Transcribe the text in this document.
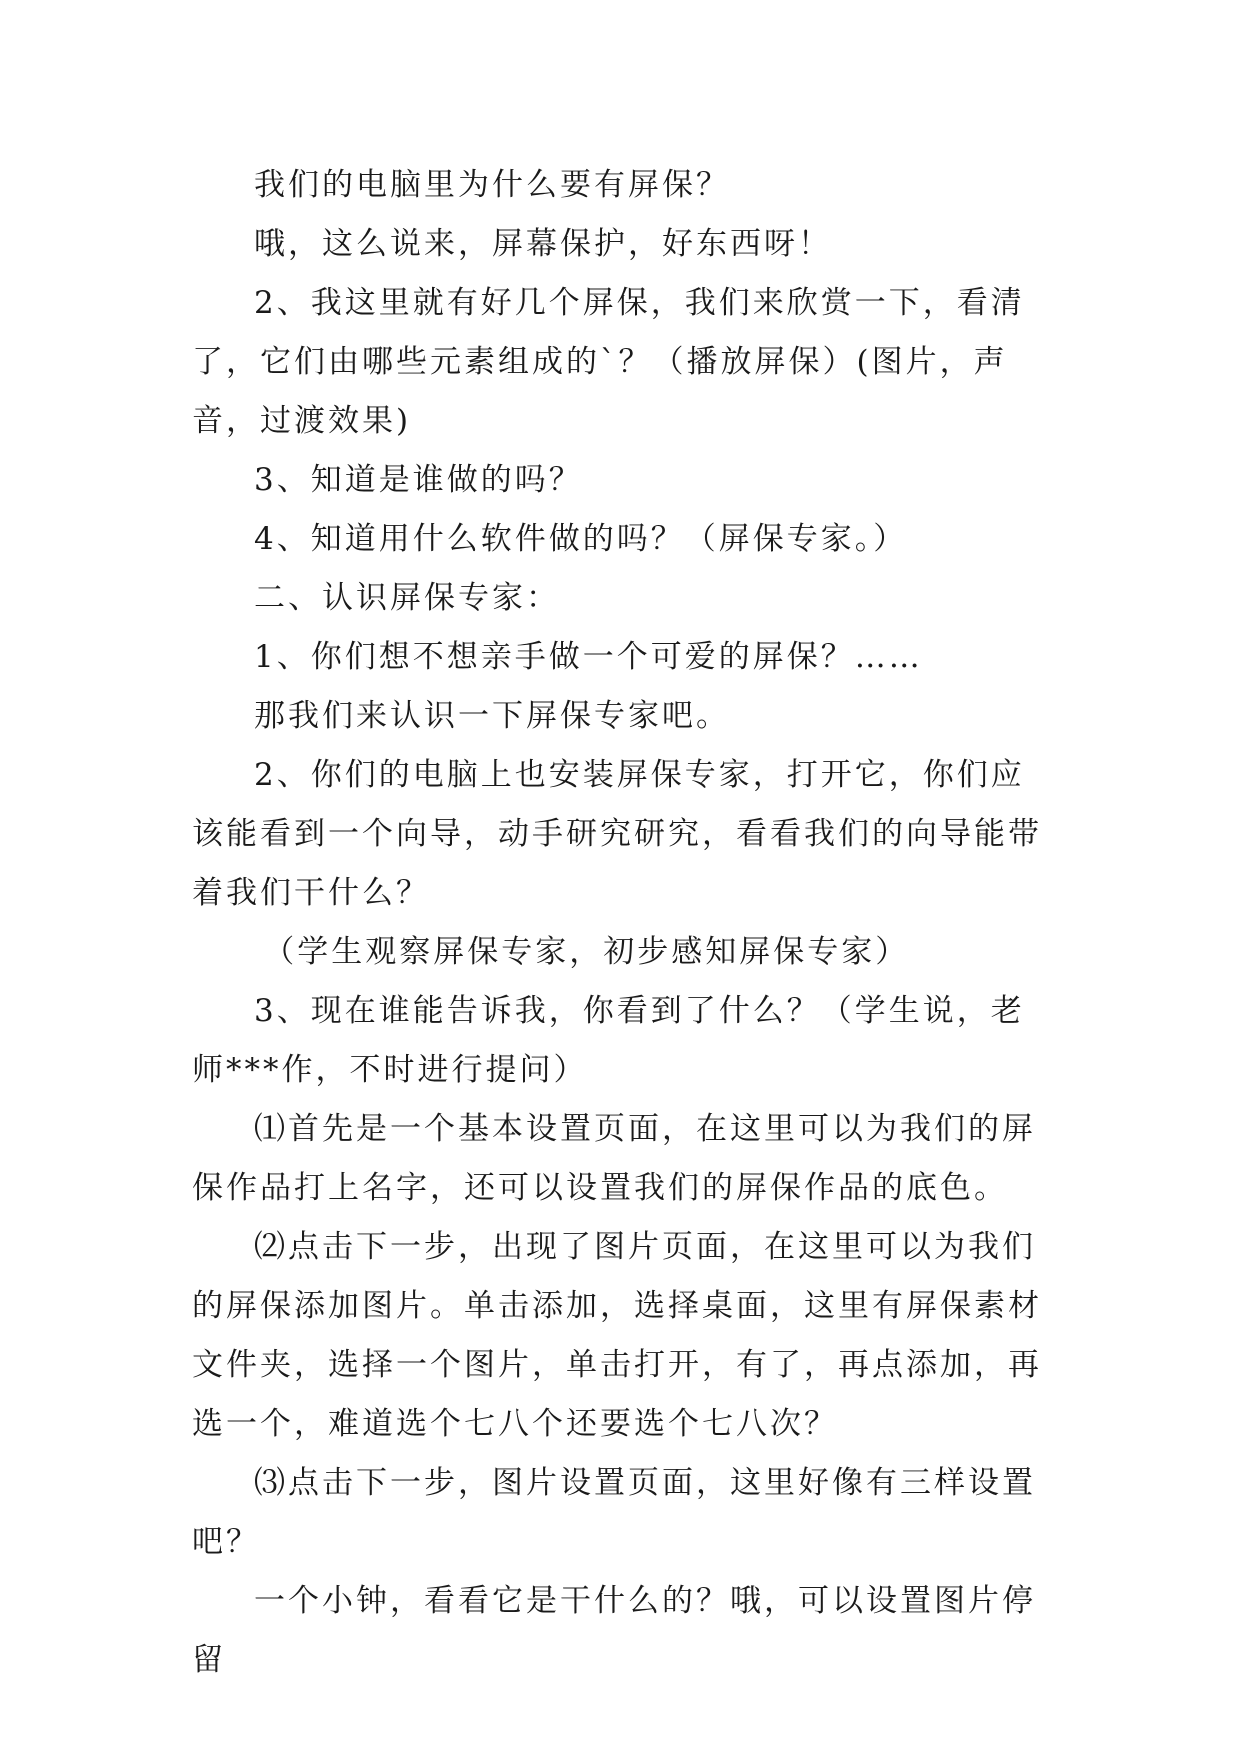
我们的电脑里为什么要有屏保？

哦，这么说来，屏幕保护，好东西呀！

2、我这里就有好几个屏保，我们来欣赏一下，看清了，它们由哪些元素组成的`？（播放屏保）(图片，声音，过渡效果)

3、知道是谁做的吗？

4、知道用什么软件做的吗？（屏保专家。）

二、认识屏保专家：

1、你们想不想亲手做一个可爱的屏保？……

那我们来认识一下屏保专家吧。

2、你们的电脑上也安装屏保专家，打开它，你们应该能看到一个向导，动手研究研究，看看我们的向导能带着我们干什么？

（学生观察屏保专家，初步感知屏保专家）

3、现在谁能告诉我，你看到了什么？（学生说，老师***作，不时进行提问）

⑴首先是一个基本设置页面，在这里可以为我们的屏保作品打上名字，还可以设置我们的屏保作品的底色。

⑵点击下一步，出现了图片页面，在这里可以为我们的屏保添加图片。单击添加，选择桌面，这里有屏保素材文件夹，选择一个图片，单击打开，有了，再点添加，再选一个，难道选个七八个还要选个七八次？

⑶点击下一步，图片设置页面，这里好像有三样设置吧？

一个小钟，看看它是干什么的？哦，可以设置图片停留
